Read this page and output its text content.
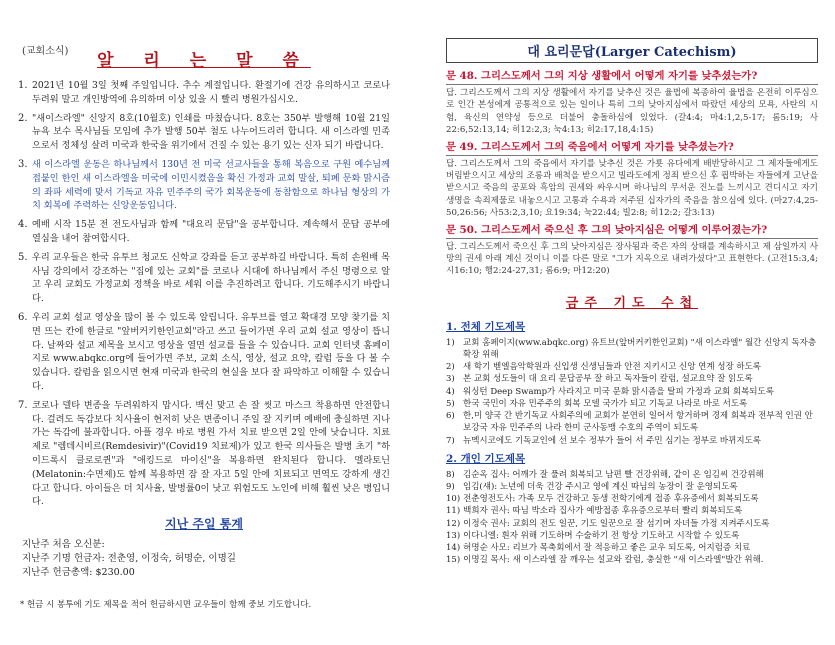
(교회소식)	알 리 는 말 씀
1. 2021년 10월 3일 첫째 주일입니다. 추수 계절입니다. 환절기에 건강 유의하시고 코로나 두려워 말고 개인방역에 유의하며 이상 있을 시 빨리 병원가십시오.
2. "새이스라엘" 신앙지 8호(10월호) 인쇄를 마쳤습니다. 8호는 350부 발행해 10월 21일 뉴욕 보수 목사님들 모임에 추가 발행 50부 첨도 나누어드리러 합니다. 새 이스라엘 민족으로서 정체성 살려 미국과 한국을 위기에서 건질 수 있는 용기 있는 신자 되기 바랍니다.
3. 새 이스라엘 운동은 하나님께서 130년 전 미국 선교사들을 통해 복음으로 구원 예수님께 접붙인 한인 새 이스라엘을 미국에 이민시켰음을 확신 가정과 교회 말살, 퇴폐 문화 맑시즘의 좌파 세력에 맞서 기독교 자유 민주주의 국가 회복운동에 동참함으로 하나님 형상의 가치 회복에 주력하는 신앙운동입니다.
4. 예배 시작 15분 전 전도사님과 함께 "대요리 문답"을 공부합니다. 계속해서 문답 공부에 열심을 내어 참여합시다.
5. 우리 교우들은 한국 유투브 청교도 신학교 강좌를 듣고 공부하길 바랍니다. 특히 손원배 목사님 강의에서 강조하는 "집에 있는 교회"를 코로나 시대에 하나님께서 주신 명령으로 알고 우리 교회도 가정교회 정책을 바로 세워 이를 추진하려고 합니다. 기도해주시기 바랍니다.
6. 우리 교회 설교 영상을 많이 볼 수 있도록 알립니다. 유투브를 열고 확대경 모양 찾기를 치면 뜨는 칸에 한글로 "앞버커키한인교회"라고 쓰고 들어가면 우리 교회 설교 영상이 뜹니다. 날짜와 설교 제목을 보시고 영상을 열면 설교를 들을 수 있습니다. 교회 인터넷 홈페이지로 www.abqkc.org에 들어가면 주보, 교회 소식, 영상, 설교 요약, 칼럼 등을 다 볼 수 있습니다. 칼럼을 읽으시면 현재 미국과 한국의 현실을 보다 잘 파악하고 이해할 수 있습니다.
7. 코로나 델타 변종을 두려워하지 맙시다. 백신 맞고 손 잘 씻고 마스크 착용하면 안전합니다. 걸려도 독감보다 치사율이 현저히 낮은 변종이니 주일 잘 지키며 예배에 충실하면 지나가는 독감에 불과합니다. 아플 경우 바로 병원 가서 치료 받으면 2일 안에 낫습니다. 치료제로 "렘데시비르(Remdesivir)"(Covid19 치료제)가 있고 한국 의사들은 발병 초기 "하이드록시 클로로퀸"과 "애킹드로 마이신"을 복용하면 완치된다 합니다. 멜라토닌(Melatonin:수면제)도 함께 복용하면 잠 잘 자고 5일 안에 치료되고 면역도 강하게 생긴다고 합니다. 아이들은 더 치사율, 발병률0이 낫고 위험도도 노인에 비해 훨씬 낮은 병입니다.
지난 주일 통계
지난주 처음 오신분:
지난주 기명 헌금자: 전춘영, 이정숙, 허명순, 이명길
지난주 헌금총액: $230.00
* 헌금 시 봉투에 기도 제목을 적어 헌금하시면 교우들이 함께 중보 기도합니다.
대 요리문답(Larger Catechism)
문 48. 그리스도께서 그의 지상 생활에서 어떻게 자기를 낮추셨는가?
답. 그리스도께서 그의 지상 생활에서 자기를 낮추신 것은 율법에 복종하여 율법을 온전히 이루심으로 인간 본성에게 공통적으로 있는 일이나 특히 그의 낮아지심에서 따랐던 세상의 모욕, 사탄의 시험, 육신의 연약성 등으로 더불어 충돌하심에 있었다. (갈4:4; 마4:1,2,5-17; 롬5:19; 사22:6,52:13,14; 히12:2,3; 눅4:13; 히2:17,18,4:15)
문 49. 그리스도께서 그의 죽음에서 어떻게 자기를 낮추셨는가?
답. 그리스도께서 그의 죽음에서 자기를 낮추신 것은 가룟 유다에게 배반당하시고 그 제자들에게도 버림받으시고 세상의 조롱과 배척을 받으시고 빌라도에게 정죄 받으신 후 핍박하는 자들에게 고난을 받으시고 죽음의 공포와 흑암의 권세와 싸우시며 하나님의 무서운 진노를 느끼시고 견디시고 자기 생명을 속죄제물로 내놓으시고 고통과 수욕과 저주된 십자가의 죽음을 참으심에 있다. (마27:4,25-50,26:56; 사53:2,3,10; 요19:34; 눅22:44; 빌2:8; 히12:2; 갈3:13)
문 50. 그리스도께서 죽으신 후 그의 낮아지심은 어떻게 이루어졌는가?
답. 그리스도께서 죽으신 후 그의 낮아지심은 장사됨과 죽은 자의 상태를 계속하시고 제 삼일까지 사망의 권세 아래 계신 것이니 이를 다른 말로 "그가 지옥으로 내려가셨다"고 표현한다. (고전15:3,4; 시16:10; 행2:24-27,31; 롬6:9; 마12:20)
금주 기도 수첩
1. 전체 기도제목
1) 교회 홈페이지(www.abqkc.org) 유트브(앞버커키한인교회) "새 이스라엘" 월간 신앙지 독자층 확장 위해
2) 새 학기 벧엘음악학원과 신입생 신생님들과 안전 지키시고 신앙 연계 성장 하도록
3) 본 교회 성도들이 대 요리 문답공부 잘 하고 독자들이 칼럼, 설교요약 잘 읽도록
4) 워싱턴 Deep Swamp가 사라지고 미국 문화 맑시즘을 탈피 가정과 교회 회복되도록
5) 한국 국민이 자유 민주주의 회복 모델 국가가 되고 기독교 나라로 바로 서도록
6) 한,미 양국 간 반기독교 사회주의에 교회가 분연히 일어서 항거하며 경제 회복과 전부적 인권 안보강국 자유 민주주의 나라 한미 군사동맹 수호의 주역이 되도록
7) 뉴멕시코에도 기독교인에 선 보수 정부가 들어 서 주민 심기는 정부로 바뀌지도록
2. 개인 기도제목
8) 김순옥 집사: 어깨가 잘 풀려 회복되고 남편 빨 건강위해, 같이 온 임김씨 건강위해
9) 임김(섀): 노년에 더욱 건강 주시고 영에 계신 따님의 농장이 잘 운영되도록
10) 전춘영전도사: 가족 모두 건강하고 동생 전학기에게 접종 후유증에서 회복되도록
11) 백희자 권사: 따님 박소라 집사가 예방접종 후유증으로부터 빨리 회복되도록
12) 이정숙 권사: 교회의 전도 일꾼, 기도 일꾼으로 잘 섬기며 자녀들 가정 지켜주시도록
13) 이다니엘: 흰자 위해 기도하며 수술하기 전 항상 기도하고 시작할 수 있도록
14) 허명순 사모: 리브가 목축회에서 잘 적응하고 좋은 교우 되도록, 어지럼증 치료
15) 이명길 목사: 새 이스라엘 잠 깨우는 설교와 칼럼, 충실한 "새 이스라엘"발간 위해.
